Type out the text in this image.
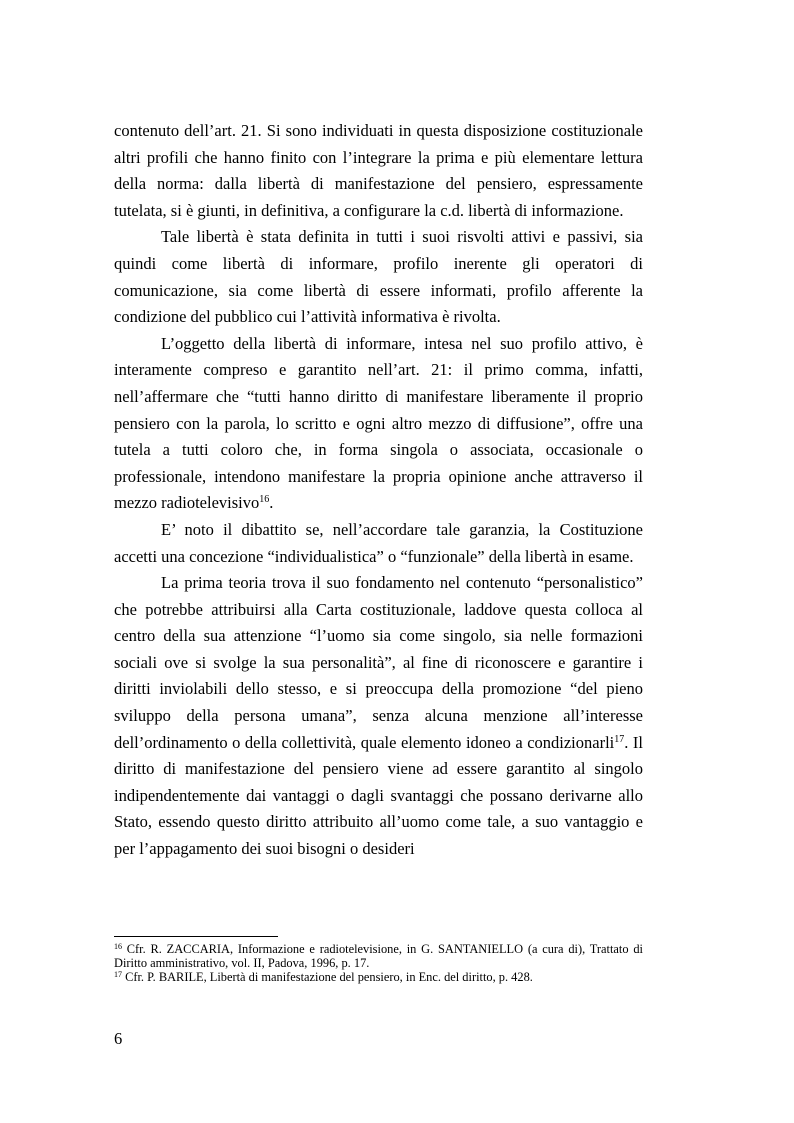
contenuto dell’art. 21. Si sono individuati in questa disposizione costituzionale altri profili che hanno finito con l’integrare la prima e più elementare lettura della norma: dalla libertà di manifestazione del pensiero, espressamente tutelata, si è giunti, in definitiva, a configurare la c.d. libertà di informazione.

Tale libertà è stata definita in tutti i suoi risvolti attivi e passivi, sia quindi come libertà di informare, profilo inerente gli operatori di comunicazione, sia come libertà di essere informati, profilo afferente la condizione del pubblico cui l’attività informativa è rivolta.

L’oggetto della libertà di informare, intesa nel suo profilo attivo, è interamente compreso e garantito nell’art. 21: il primo comma, infatti, nell’affermare che “tutti hanno diritto di manifestare liberamente il proprio pensiero con la parola, lo scritto e ogni altro mezzo di diffusione”, offre una tutela a tutti coloro che, in forma singola o associata, occasionale o professionale, intendono manifestare la propria opinione anche attraverso il mezzo radiotelevisivo$^{16}$.

E’ noto il dibattito se, nell’accordare tale garanzia, la Costituzione accetti una concezione “individualistica” o “funzionale” della libertà in esame.

La prima teoria trova il suo fondamento nel contenuto “personalistico” che potrebbe attribuirsi alla Carta costituzionale, laddove questa colloca al centro della sua attenzione “l’uomo sia come singolo, sia nelle formazioni sociali ove si svolge la sua personalità”, al fine di riconoscere e garantire i diritti inviolabili dello stesso, e si preoccupa della promozione “del pieno sviluppo della persona umana”, senza alcuna menzione all’interesse dell’ordinamento o della collettività, quale elemento idoneo a condizionarli$^{17}$. Il diritto di manifestazione del pensiero viene ad essere garantito al singolo indipendentemente dai vantaggi o dagli svantaggi che possano derivarne allo Stato, essendo questo diritto attribuito all’uomo come tale, a suo vantaggio e per l’appagamento dei suoi bisogni o desideri

$^{16}$ Cfr. R. ZACCARIA, Informazione e radiotelevisione, in G. SANTANIELLO (a cura di), Trattato di Diritto amministrativo, vol. II, Padova, 1996, p. 17.

$^{17}$ Cfr. P. BARILE, Libertà di manifestazione del pensiero, in Enc. del diritto, p. 428.

6
